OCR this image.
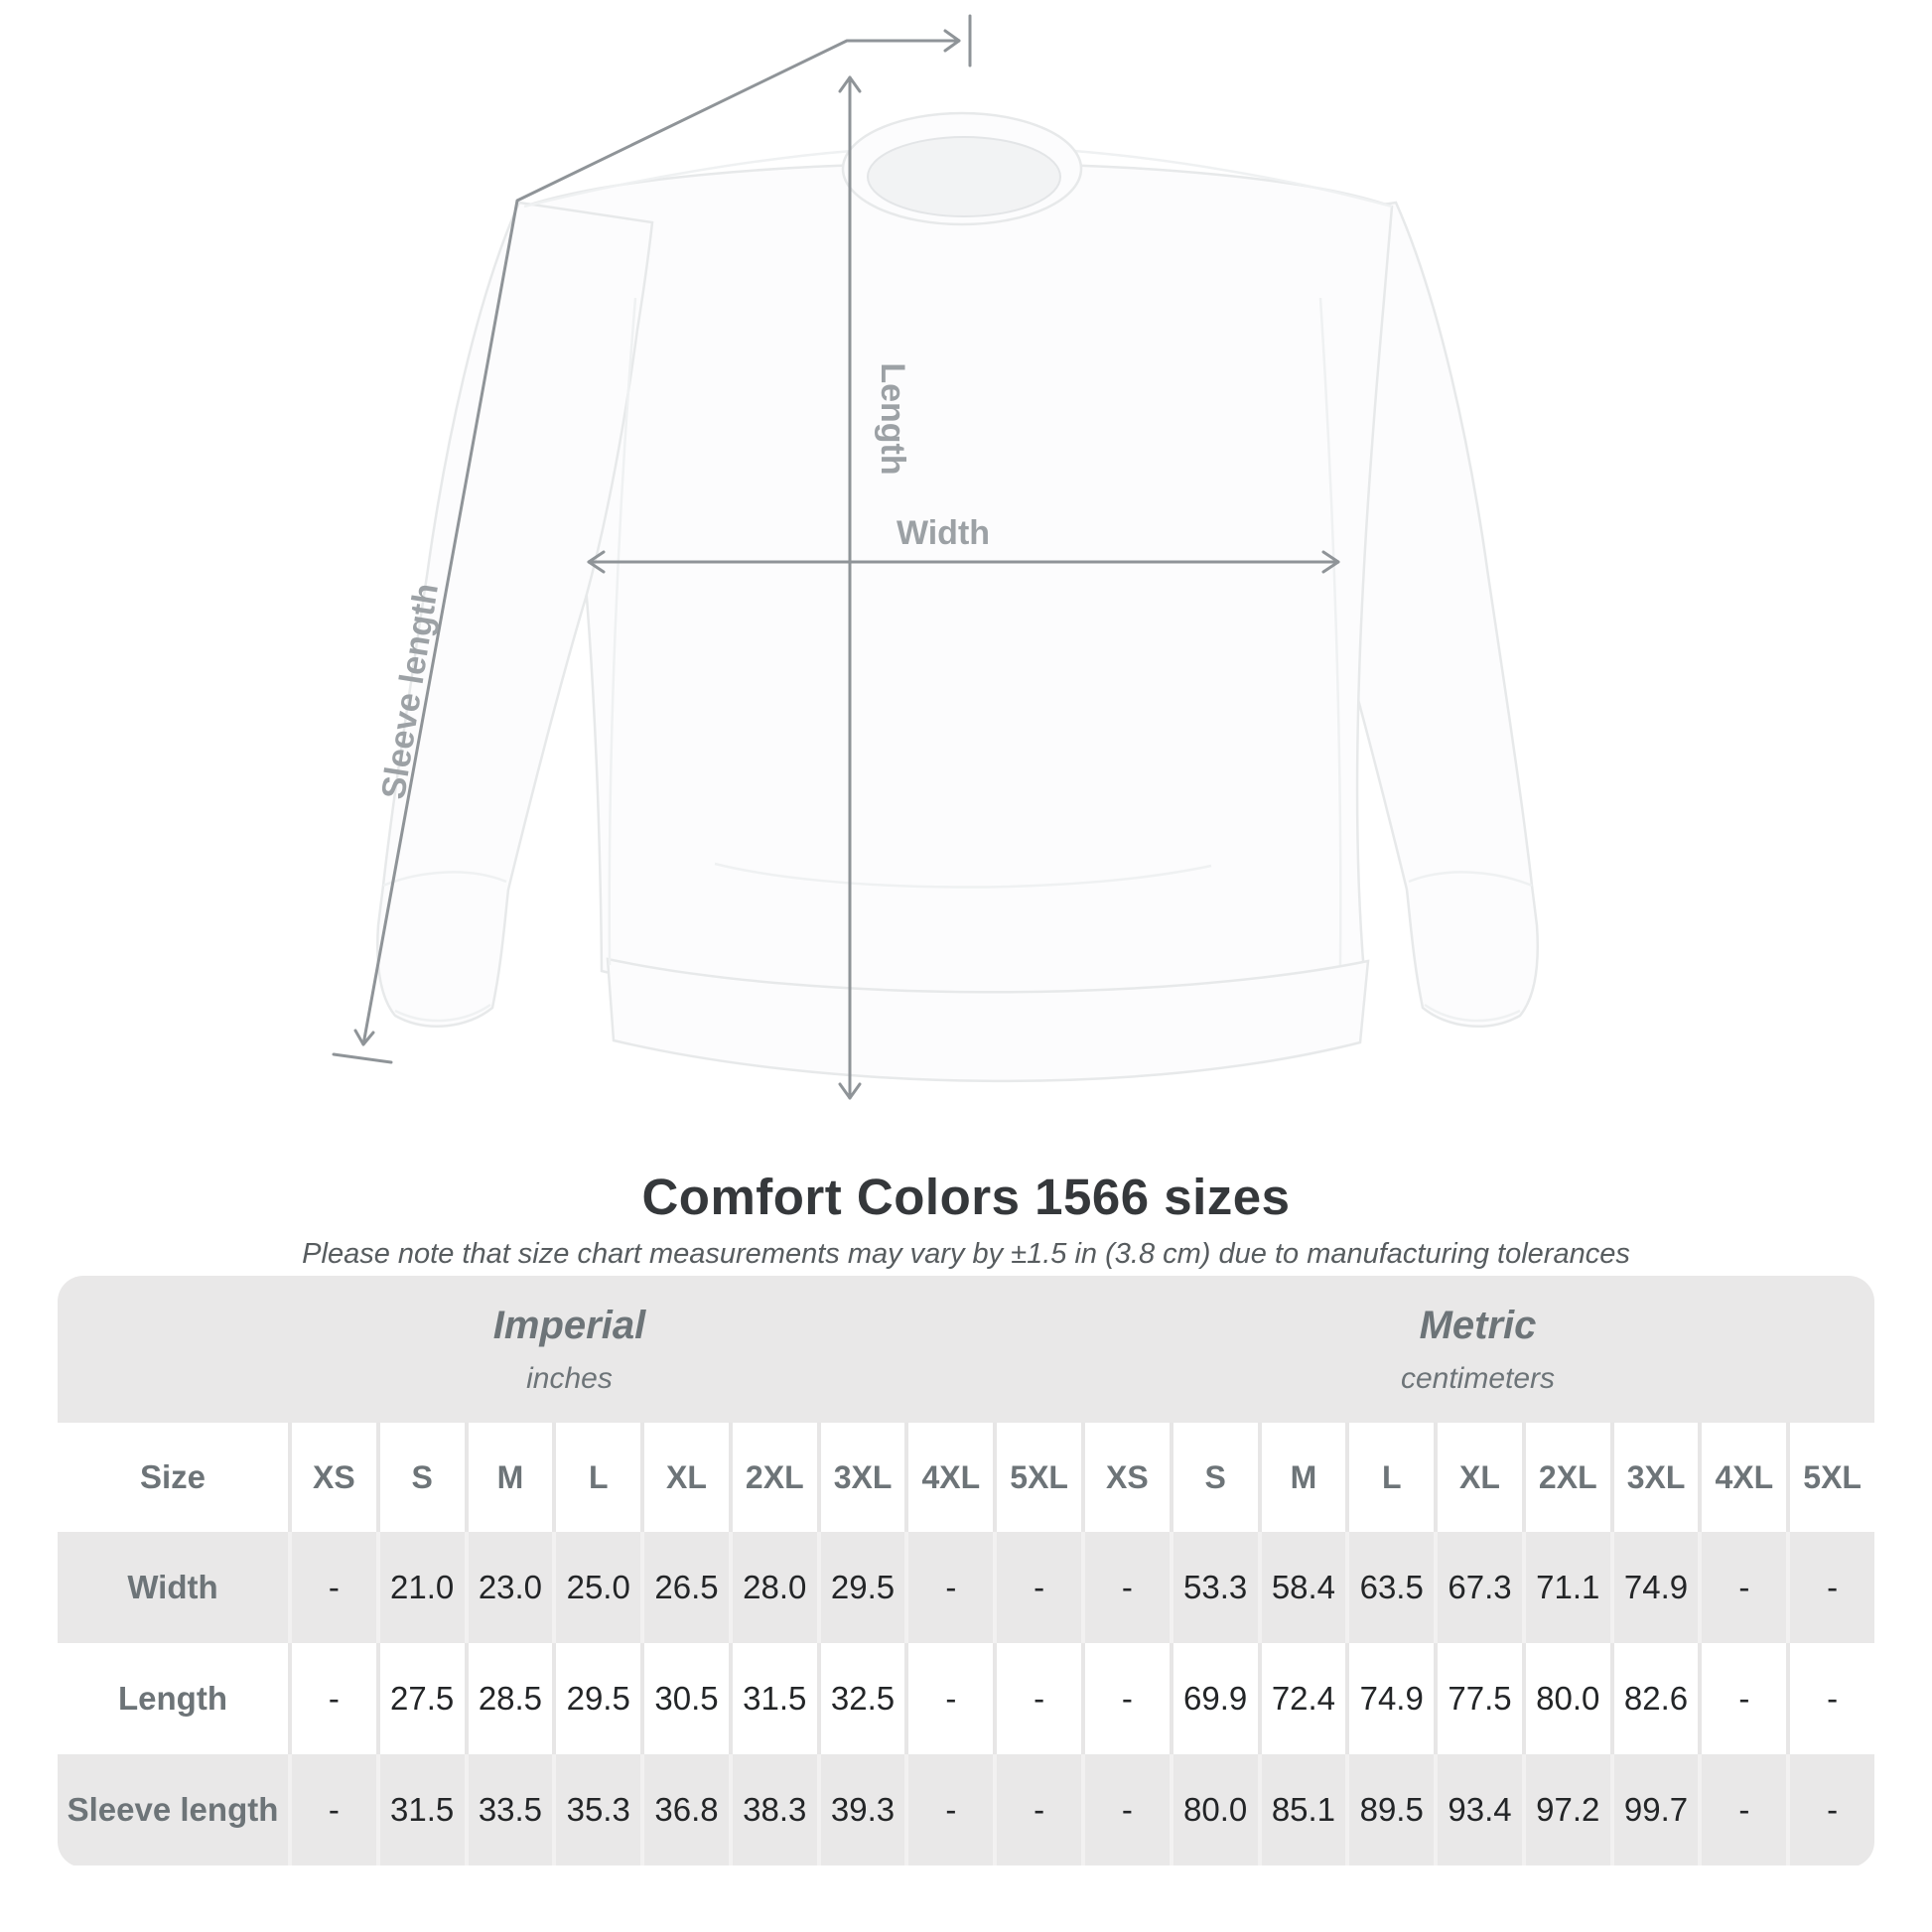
Length
Width
Sleeve length
Comfort Colors 1566 sizes
Please note that size chart measurements may vary by ±1.5 in (3.8 cm) due to manufacturing tolerances
Imperial
inches
Metric
centimeters
Size	XS	S	M	L	XL	2XL 3XL 4XL 5XL	XS	S	M	L	XL	2XL 3XL 4XL 5XL
Width	-	21.0 23.0 25.0 26.5 28.0 29.5	-	-	-	53.3 58.4 63.5 67.3 71.1 74.9	-	-
Length	-	27.5 28.5 29.5 30.5 31.5 32.5	-	-	-	69.9 72.4 74.9 77.5 80.0 82.6	-	-
Sleeve length	-	31.5 33.5 35.3 36.8 38.3 39.3	-	-	-	80.0 85.1 89.5 93.4 97.2 99.7	-	-
